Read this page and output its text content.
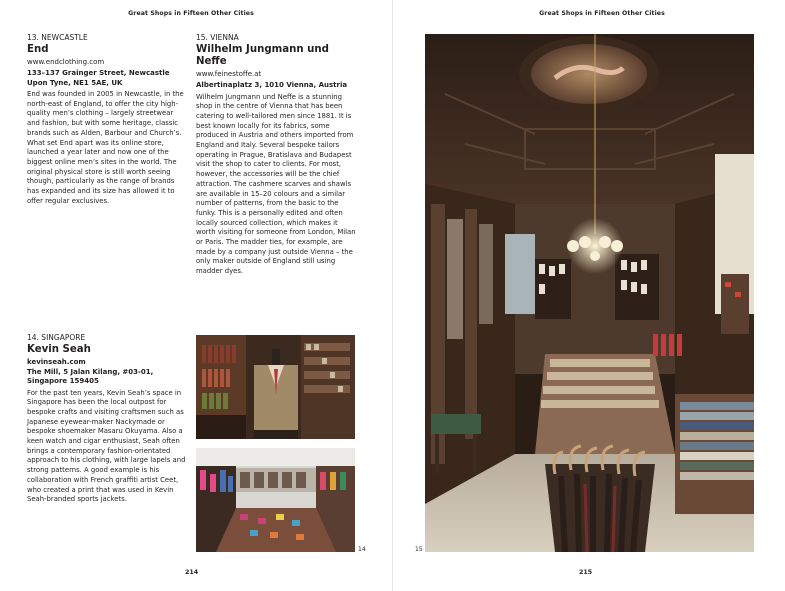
Great Shops in Fifteen Other Cities

13. NEWCASTLE

End

www.endclothing.com

133–137 Grainger Street, Newcastle Upon Tyne, NE1 5AE, UK

End was founded in 2005 in Newcastle, in the north-east of England, to offer the city high-quality men’s clothing – largely streetwear and fashion, but with some heritage, classic brands such as Alden, Barbour and Church’s. What set End apart was its online store, launched a year later and now one of the biggest online men’s sites in the world. The original physical store is still worth seeing though, particularly as the range of brands has expanded and its size has allowed it to offer regular exclusives.

14. SINGAPORE

Kevin Seah

kevinseah.com

The Mill, 5 Jalan Kilang, #03-01, Singapore 159405

For the past ten years, Kevin Seah’s space in Singapore has been the local outpost for bespoke crafts and visiting craftsmen such as Japanese eyewear-maker Nackymade or bespoke shoemaker Masaru Okuyama. Also a keen watch and cigar enthusiast, Seah often brings a contemporary fashion-orientated approach to his clothing, with large lapels and strong patterns. A good example is his collaboration with French graffiti artist Ceet, who created a print that was used in Kevin Seah-branded sports jackets.

15. VIENNA

Wilhelm Jungmann und Neffe

www.feinestoffe.at

Albertinaplatz 3, 1010 Vienna, Austria

Wilhelm Jungmann und Neffe is a stunning shop in the centre of Vienna that has been catering to well-tailored men since 1881. It is best known locally for its fabrics, some produced in Austria and others imported from England and Italy. Several bespoke tailors operating in Prague, Bratislava and Budapest visit the shop to cater to clients. For most, however, the accessories will be the chief attraction. The cashmere scarves and shawls are available in 15–20 colours and a similar number of patterns, from the basic to the funky. This is a personally edited and often locally sourced collection, which makes it worth visiting for someone from London, Milan or Paris. The madder ties, for example, are made by a company just outside Vienna – the only maker outside of England still using madder dyes.

14
214
Great Shops in Fifteen Other Cities
15
215
